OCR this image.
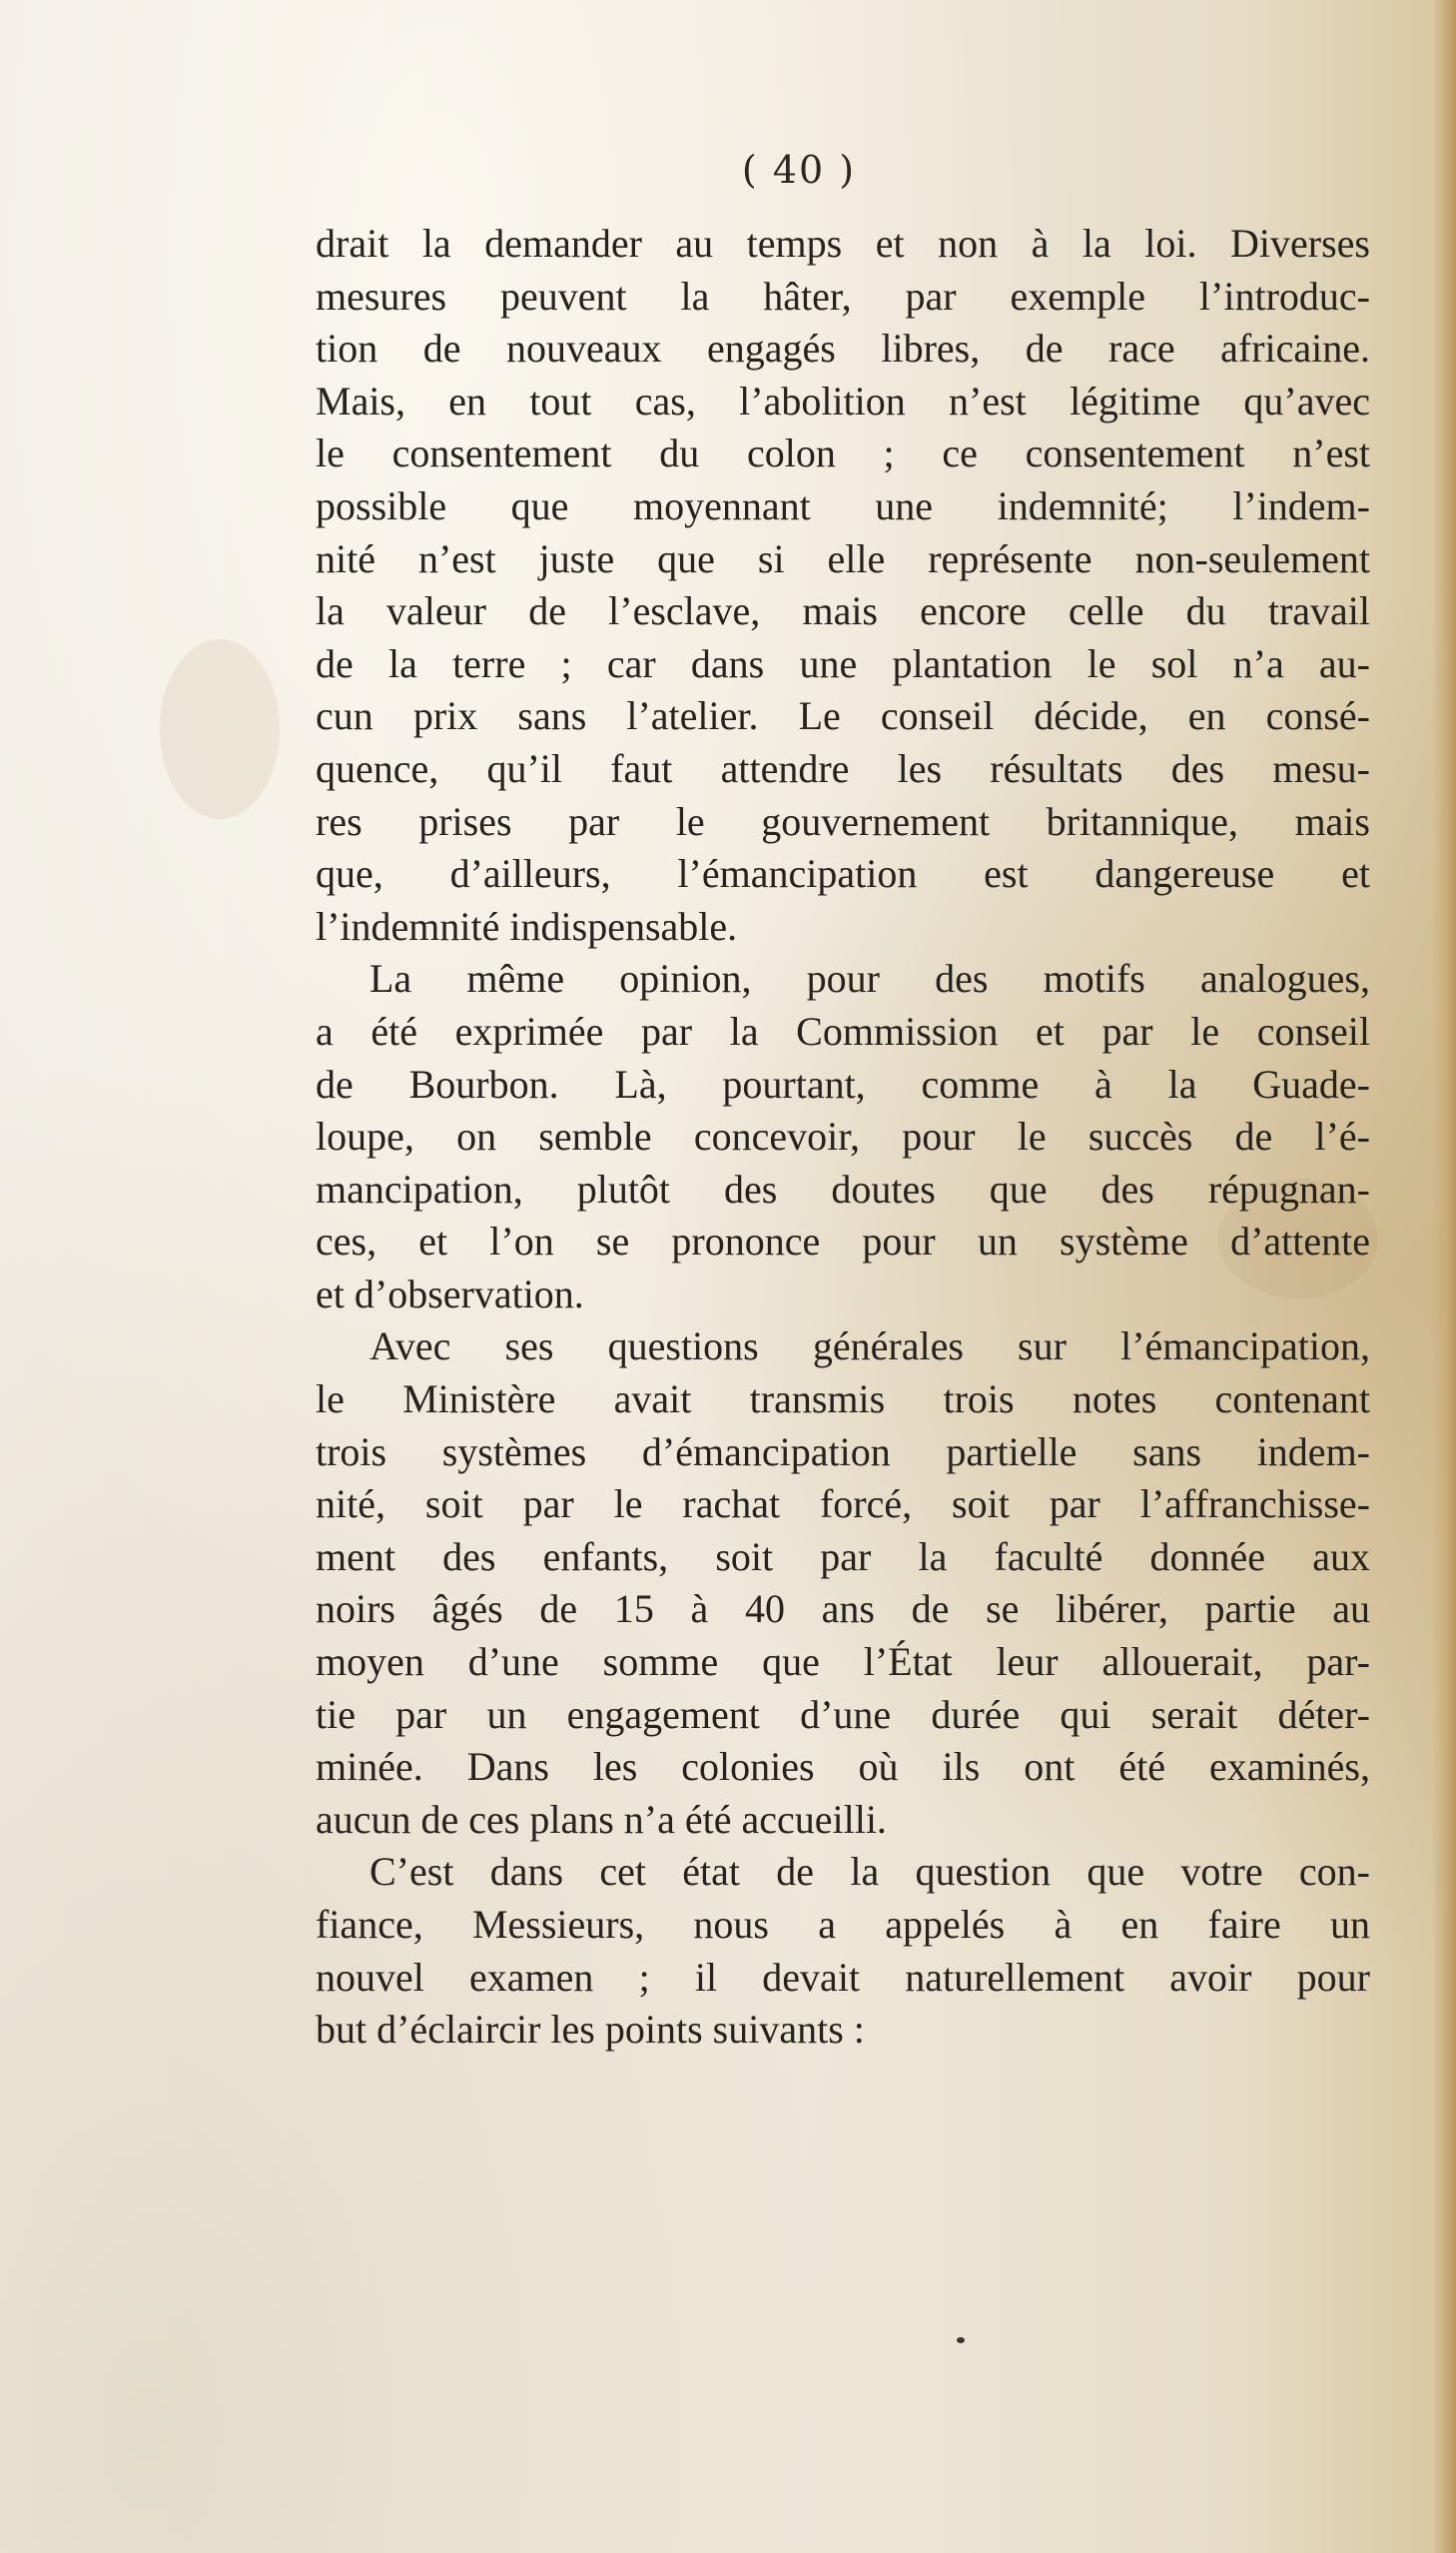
( 40 )

drait la demander au temps et non à la loi. Diverses
mesures peuvent la hâter, par exemple l’introduc-
tion de nouveaux engagés libres, de race africaine.
Mais, en tout cas, l’abolition n’est légitime qu’avec
le consentement du colon ; ce consentement n’est
possible que moyennant une indemnité; l’indem-
nité n’est juste que si elle représente non-seulement
la valeur de l’esclave, mais encore celle du travail
de la terre ; car dans une plantation le sol n’a au-
cun prix sans l’atelier. Le conseil décide, en consé-
quence, qu’il faut attendre les résultats des mesu-
res prises par le gouvernement britannique, mais
que, d’ailleurs, l’émancipation est dangereuse et
l’indemnité indispensable.

La même opinion, pour des motifs analogues,
a été exprimée par la Commission et par le conseil
de Bourbon. Là, pourtant, comme à la Guade-
loupe, on semble concevoir, pour le succès de l’é-
mancipation, plutôt des doutes que des répugnan-
ces, et l’on se prononce pour un système d’attente
et d’observation.

Avec ses questions générales sur l’émancipation,
le Ministère avait transmis trois notes contenant
trois systèmes d’émancipation partielle sans indem-
nité, soit par le rachat forcé, soit par l’affranchisse-
ment des enfants, soit par la faculté donnée aux
noirs âgés de 15 à 40 ans de se libérer, partie au
moyen d’une somme que l’État leur allouerait, par-
tie par un engagement d’une durée qui serait déter-
minée. Dans les colonies où ils ont été examinés,
aucun de ces plans n’a été accueilli.

C’est dans cet état de la question que votre con-
fiance, Messieurs, nous a appelés à en faire un
nouvel examen ; il devait naturellement avoir pour
but d’éclaircir les points suivants :
